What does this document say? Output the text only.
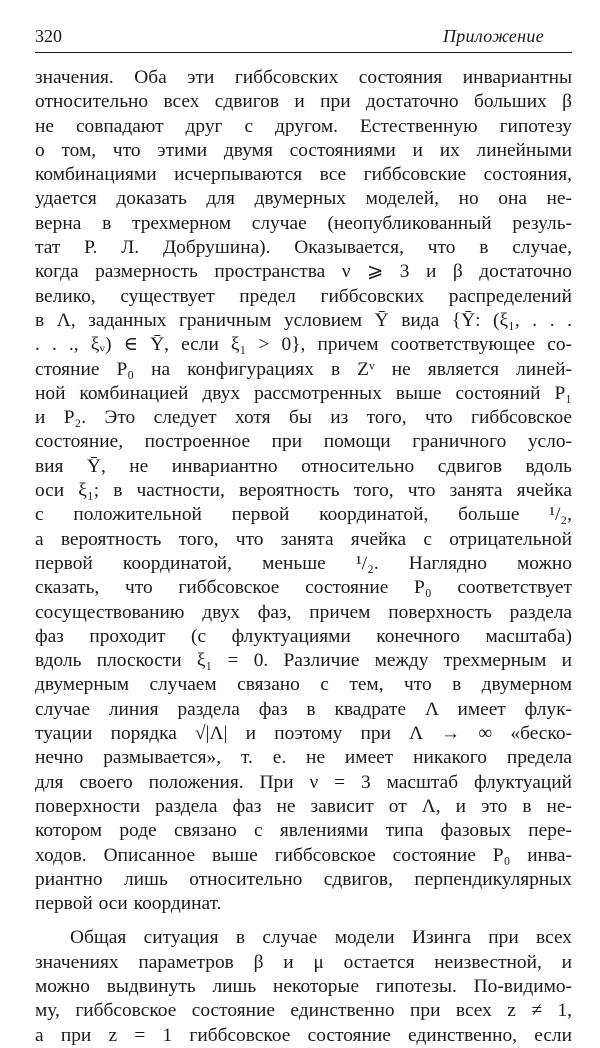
320	Приложение
значения. Оба эти гиббсовских состояния инвариантны
относительно всех сдвигов и при достаточно больших β
не совпадают друг с другом. Естественную гипотезу
о том, что этими двумя состояниями и их линейными
комбинациями исчерпываются все гиббсовские состояния,
удается доказать для двумерных моделей, но она не-
верна в трехмерном случае (неопубликованный резуль-
тат Р. Л. Добрушина). Оказывается, что в случае,
когда размерность пространства ν ⩾ 3 и β достаточно
велико, существует предел гиббсовских распределений
в Λ, заданных граничным условием Ȳ вида {Ȳ: (ξ₁, . . .
. . ., ξᵥ) ∈ Ȳ, если ξ₁ > 0}, причем соответствующее со-
стояние P₀ на конфигурациях в Zᵛ не является линей-
ной комбинацией двух рассмотренных выше состояний P₁
и P₂. Это следует хотя бы из того, что гиббсовское
состояние, построенное при помощи граничного усло-
вия Ȳ, не инвариантно относительно сдвигов вдоль
оси ξ₁; в частности, вероятность того, что занята ячейка
с положительной первой координатой, больше ¹/₂,
а вероятность того, что занята ячейка с отрицательной
первой координатой, меньше ¹/₂. Наглядно можно
сказать, что гиббсовское состояние P₀ соответствует
сосуществованию двух фаз, причем поверхность раздела
фаз проходит (с флуктуациями конечного масштаба)
вдоль плоскости ξ₁ = 0. Различие между трехмерным и
двумерным случаем связано с тем, что в двумерном
случае линия раздела фаз в квадрате Λ имеет флук-
туации порядка √|Λ| и поэтому при Λ → ∞ «беско-
нечно размывается», т. е. не имеет никакого предела
для своего положения. При ν = 3 масштаб флуктуаций
поверхности раздела фаз не зависит от Λ, и это в не-
котором роде связано с явлениями типа фазовых пере-
ходов. Описанное выше гиббсовское состояние P₀ инва-
риантно лишь относительно сдвигов, перпендикулярных
первой оси координат.
Общая ситуация в случае модели Изинга при всех
значениях параметров β и μ остается неизвестной, и
можно выдвинуть лишь некоторые гипотезы. По-видимо-
му, гиббсовское состояние единственно при всех z ≠ 1,
а при z = 1 гиббсовское состояние единственно, если
